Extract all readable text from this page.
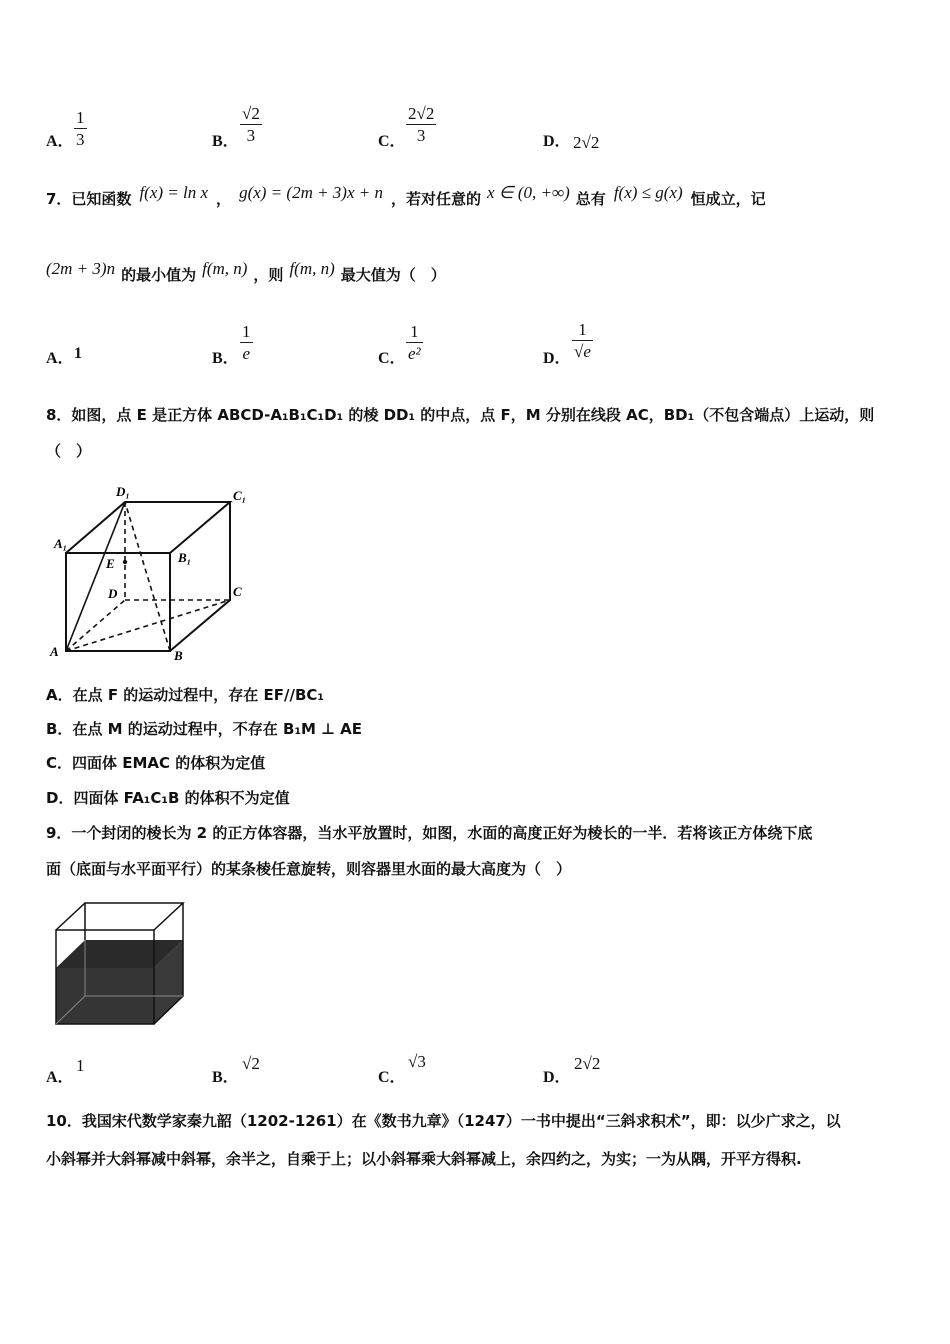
A．
1
3	B．
√2
3	C．
2√2
3	D． 2√2
7．已知函数 f(x) = ln x ， g(x) = (2m + 3)x + n ，若对任意的 x ∈ (0, +∞) 总有 f(x) ≤ g(x) 恒成立，记
(2m + 3)n 的最小值为 f(m, n) ，则 f(m, n) 最大值为（　）
A． 1	B．
1
e	C．
1
e²	D．
1
√e
8．如图，点 E 是正方体 ABCD-A₁B₁C₁D₁ 的棱 DD₁ 的中点，点 F，M 分别在线段 AC，BD₁（不包含端点）上运动，则
（　）
D₁	C₁
A₁
B₁
E
D	C
A	B
A．在点 F 的运动过程中，存在 EF//BC₁
B．在点 M 的运动过程中，不存在 B₁M ⊥ AE
C．四面体 EMAC 的体积为定值
D．四面体 FA₁C₁B 的体积不为定值
9．一个封闭的棱长为 2 的正方体容器，当水平放置时，如图，水面的高度正好为棱长的一半．若将该正方体绕下底
面（底面与水平面平行）的某条棱任意旋转，则容器里水面的最大高度为（　）
A．
1
B．
√2
C．
√3
D．
2√2
10．我国宋代数学家秦九韶（1202-1261）在《数书九章》（1247）一书中提出“三斜求积术”，即：以少广求之，以
小斜幂并大斜幂减中斜幂，余半之，自乘于上；以小斜幂乘大斜幂减上，余四约之，为实；一为从隅，开平方得积.
